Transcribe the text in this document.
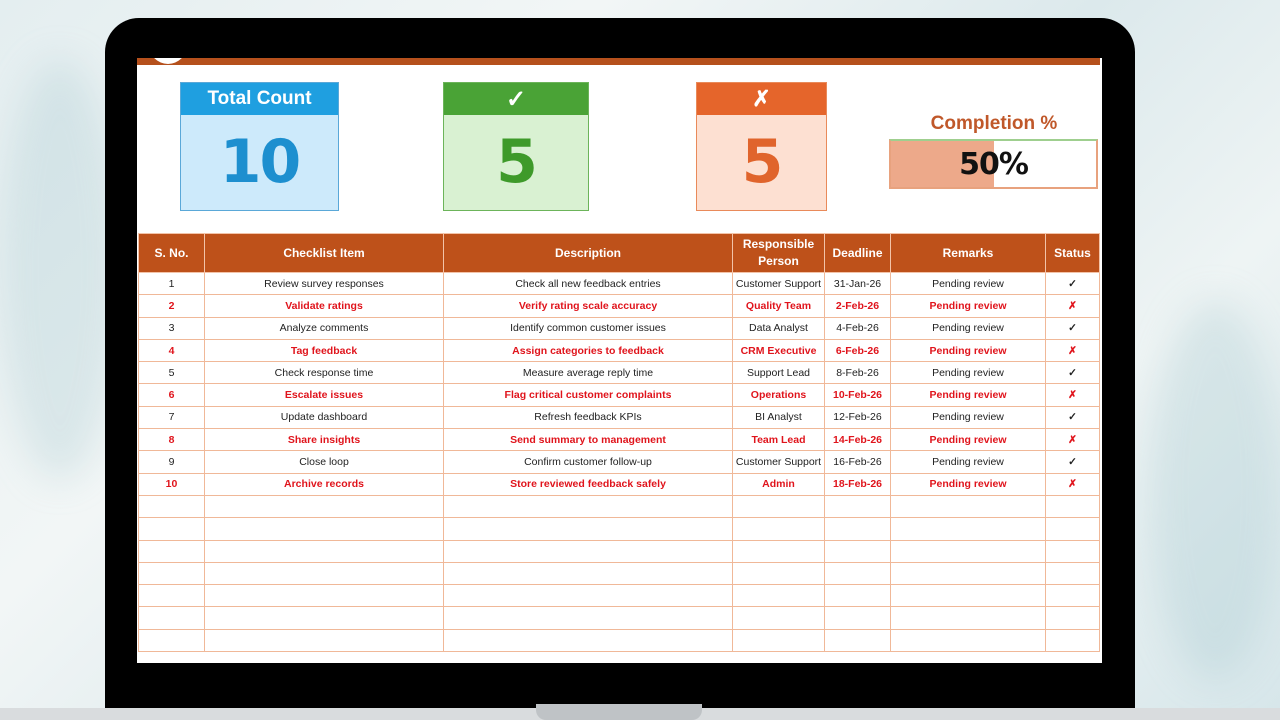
Total Count
10
✓
5
✗
5
Completion %
50%
S. No.	Checklist Item	Description	Responsible Person	Deadline	Remarks	Status
1	Review survey responses	Check all new feedback entries	Customer Support	31-Jan-26	Pending review	✓
2	Validate ratings	Verify rating scale accuracy	Quality Team	2-Feb-26	Pending review	✗
3	Analyze comments	Identify common customer issues	Data Analyst	4-Feb-26	Pending review	✓
4	Tag feedback	Assign categories to feedback	CRM Executive	6-Feb-26	Pending review	✗
5	Check response time	Measure average reply time	Support Lead	8-Feb-26	Pending review	✓
6	Escalate issues	Flag critical customer complaints	Operations	10-Feb-26	Pending review	✗
7	Update dashboard	Refresh feedback KPIs	BI Analyst	12-Feb-26	Pending review	✓
8	Share insights	Send summary to management	Team Lead	14-Feb-26	Pending review	✗
9	Close loop	Confirm customer follow-up	Customer Support	16-Feb-26	Pending review	✓
10	Archive records	Store reviewed feedback safely	Admin	18-Feb-26	Pending review	✗
